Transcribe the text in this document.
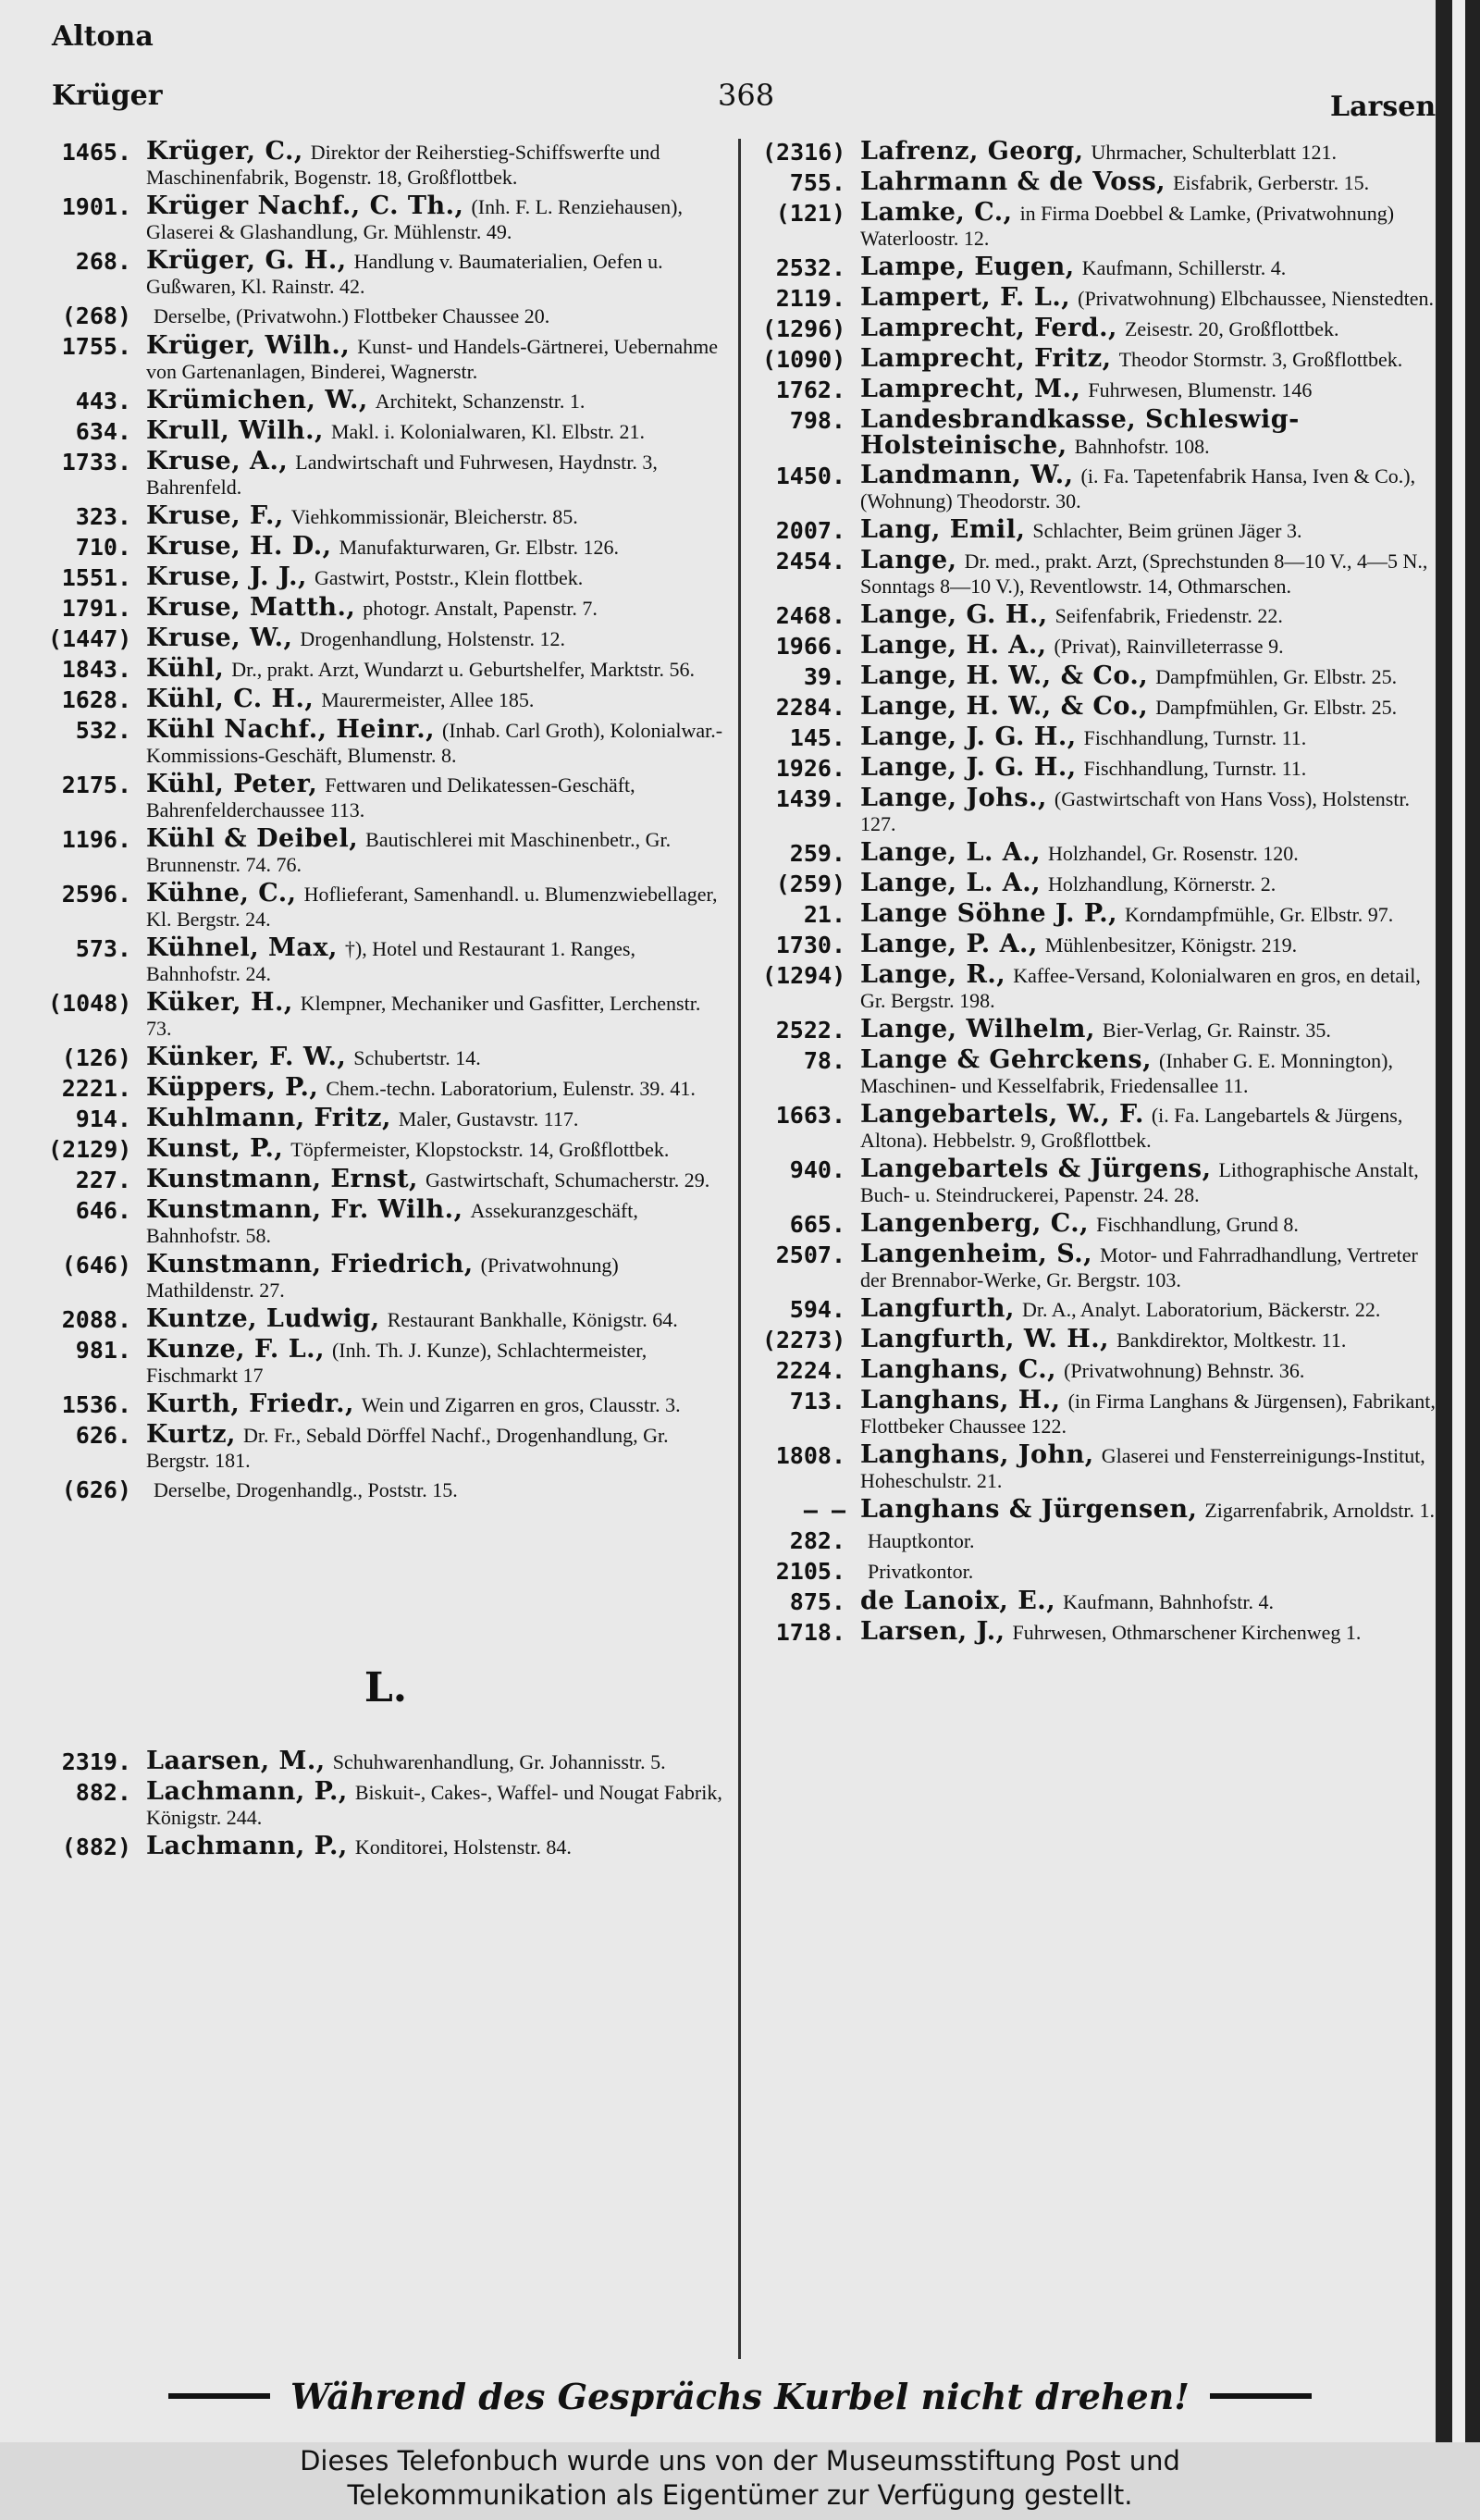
Altona
Krüger	368	Larsen
1465. Krüger, C., Direktor der Reiherstieg-Schiffswerfte und Maschinenfabrik, Bogenstr. 18, Großflottbek.
1901. Krüger Nachf., C. Th., (Inh. F. L. Renziehausen), Glaserei & Glashandlung, Gr. Mühlenstr. 49.
268. Krüger, G. H., Handlung v. Baumaterialien, Oefen u. Gußwaren, Kl. Rainstr. 42.
(268)	Derselbe, (Privatwohn.) Flottbeker Chaussee 20.
1755. Krüger, Wilh., Kunst- und Handels-Gärtnerei, Uebernahme von Gartenanlagen, Binderei, Wagnerstr.
443. Krümichen, W., Architekt, Schanzenstr. 1.
634. Krull, Wilh., Makl. i. Kolonialwaren, Kl. Elbstr. 21.
1733. Kruse, A., Landwirtschaft und Fuhrwesen, Haydnstr. 3, Bahrenfeld.
323. Kruse, F., Viehkommissionär, Bleicherstr. 85.
710. Kruse, H. D., Manufakturwaren, Gr. Elbstr. 126.
1551. Kruse, J. J., Gastwirt, Poststr., Klein flottbek.
1791. Kruse, Matth., photogr. Anstalt, Papenstr. 7.
(1447) Kruse, W., Drogenhandlung, Holstenstr. 12.
1843. Kühl, Dr., prakt. Arzt, Wundarzt u. Geburtshelfer, Marktstr. 56.
1628. Kühl, C. H., Maurermeister, Allee 185.
532. Kühl Nachf., Heinr., (Inhab. Carl Groth), Kolonialwar.-Kommissions-Geschäft, Blumenstr. 8.
2175. Kühl, Peter, Fettwaren und Delikatessen-Geschäft, Bahrenfelderchaussee 113.
1196. Kühl & Deibel, Bautischlerei mit Maschinenbetr., Gr. Brunnenstr. 74. 76.
2596. Kühne, C., Hoflieferant, Samenhandl. u. Blumenzwiebellager, Kl. Bergstr. 24.
573. Kühnel, Max, †), Hotel und Restaurant 1. Ranges, Bahnhofstr. 24.
(1048) Küker, H., Klempner, Mechaniker und Gasfitter, Lerchenstr. 73.
(126) Künker, F. W., Schubertstr. 14.
2221. Küppers, P., Chem.-techn. Laboratorium, Eulenstr. 39. 41.
914. Kuhlmann, Fritz, Maler, Gustavstr. 117.
(2129) Kunst, P., Töpfermeister, Klopstockstr. 14, Großflottbek.
227. Kunstmann, Ernst, Gastwirtschaft, Schumacherstr. 29.
646. Kunstmann, Fr. Wilh., Assekuranzgeschäft, Bahnhofstr. 58.
(646) Kunstmann, Friedrich, (Privatwohnung) Mathildenstr. 27.
2088. Kuntze, Ludwig, Restaurant Bankhalle, Königstr. 64.
981. Kunze, F. L., (Inh. Th. J. Kunze), Schlachtermeister, Fischmarkt 17
1536. Kurth, Friedr., Wein und Zigarren en gros, Clausstr. 3.
626. Kurtz, Dr. Fr., Sebald Dörffel Nachf., Drogenhandlung, Gr. Bergstr. 181.
(626)	Derselbe, Drogenhandlg., Poststr. 15.
L.
2319. Laarsen, M., Schuhwarenhandlung, Gr. Johannisstr. 5.
882. Lachmann, P., Biskuit-, Cakes-, Waffel- und Nougat Fabrik, Königstr. 244.
(882) Lachmann, P., Konditorei, Holstenstr. 84.
(2316) Lafrenz, Georg, Uhrmacher, Schulterblatt 121.
755. Lahrmann & de Voss, Eisfabrik, Gerberstr. 15.
(121) Lamke, C., in Firma Doebbel & Lamke, (Privatwohnung) Waterloostr. 12.
2532. Lampe, Eugen, Kaufmann, Schillerstr. 4.
2119. Lampert, F. L., (Privatwohnung) Elbchaussee, Nienstedten.
(1296) Lamprecht, Ferd., Zeisestr. 20, Großflottbek.
(1090) Lamprecht, Fritz, Theodor Stormstr. 3, Großflottbek.
1762. Lamprecht, M., Fuhrwesen, Blumenstr. 146
798. Landesbrandkasse, Schleswig-Holsteinische, Bahnhofstr. 108.
1450. Landmann, W., (i. Fa. Tapetenfabrik Hansa, Iven & Co.), (Wohnung) Theodorstr. 30.
2007. Lang, Emil, Schlachter, Beim grünen Jäger 3.
2454. Lange, Dr. med., prakt. Arzt, (Sprechstunden 8—10 V., 4—5 N., Sonntags 8—10 V.), Reventlowstr. 14, Othmarschen.
2468. Lange, G. H., Seifenfabrik, Friedenstr. 22.
1966. Lange, H. A., (Privat), Rainvilleterrasse 9.
39. Lange, H. W., & Co., Dampfmühlen, Gr. Elbstr. 25.
2284. Lange, H. W., & Co., Dampfmühlen, Gr. Elbstr. 25.
145. Lange, J. G. H., Fischhandlung, Turnstr. 11.
1926. Lange, J. G. H., Fischhandlung, Turnstr. 11.
1439. Lange, Johs., (Gastwirtschaft von Hans Voss), Holstenstr. 127.
259. Lange, L. A., Holzhandel, Gr. Rosenstr. 120.
(259) Lange, L. A., Holzhandlung, Körnerstr. 2.
21. Lange Söhne J. P., Korndampfmühle, Gr. Elbstr. 97.
1730. Lange, P. A., Mühlenbesitzer, Königstr. 219.
(1294) Lange, R., Kaffee-Versand, Kolonialwaren en gros, en detail, Gr. Bergstr. 198.
2522. Lange, Wilhelm, Bier-Verlag, Gr. Rainstr. 35.
78. Lange & Gehrckens, (Inhaber G. E. Monnington), Maschinen- und Kesselfabrik, Friedensallee 11.
1663. Langebartels, W., F. (i. Fa. Langebartels & Jürgens, Altona). Hebbelstr. 9, Großflottbek.
940. Langebartels & Jürgens, Lithographische Anstalt, Buch- u. Steindruckerei, Papenstr. 24. 28.
665. Langenberg, C., Fischhandlung, Grund 8.
2507. Langenheim, S., Motor- und Fahrradhandlung, Vertreter der Brennabor-Werke, Gr. Bergstr. 103.
594. Langfurth, Dr. A., Analyt. Laboratorium, Bäckerstr. 22.
(2273) Langfurth, W. H., Bankdirektor, Moltkestr. 11.
2224. Langhans, C., (Privatwohnung) Behnstr. 36.
713. Langhans, H., (in Firma Langhans & Jürgensen), Fabrikant, Flottbeker Chaussee 122.
1808. Langhans, John, Glaserei und Fensterreinigungs-Institut, Hoheschulstr. 21.
— — Langhans & Jürgensen, Zigarrenfabrik, Arnoldstr. 1.
282.	Hauptkontor.
2105.	Privatkontor.
875. de Lanoix, E., Kaufmann, Bahnhofstr. 4.
1718. Larsen, J., Fuhrwesen, Othmarschener Kirchenweg 1.
Während des Gesprächs Kurbel nicht drehen!
Dieses Telefonbuch wurde uns von der Museumsstiftung Post und
Telekommunikation als Eigentümer zur Verfügung gestellt.
